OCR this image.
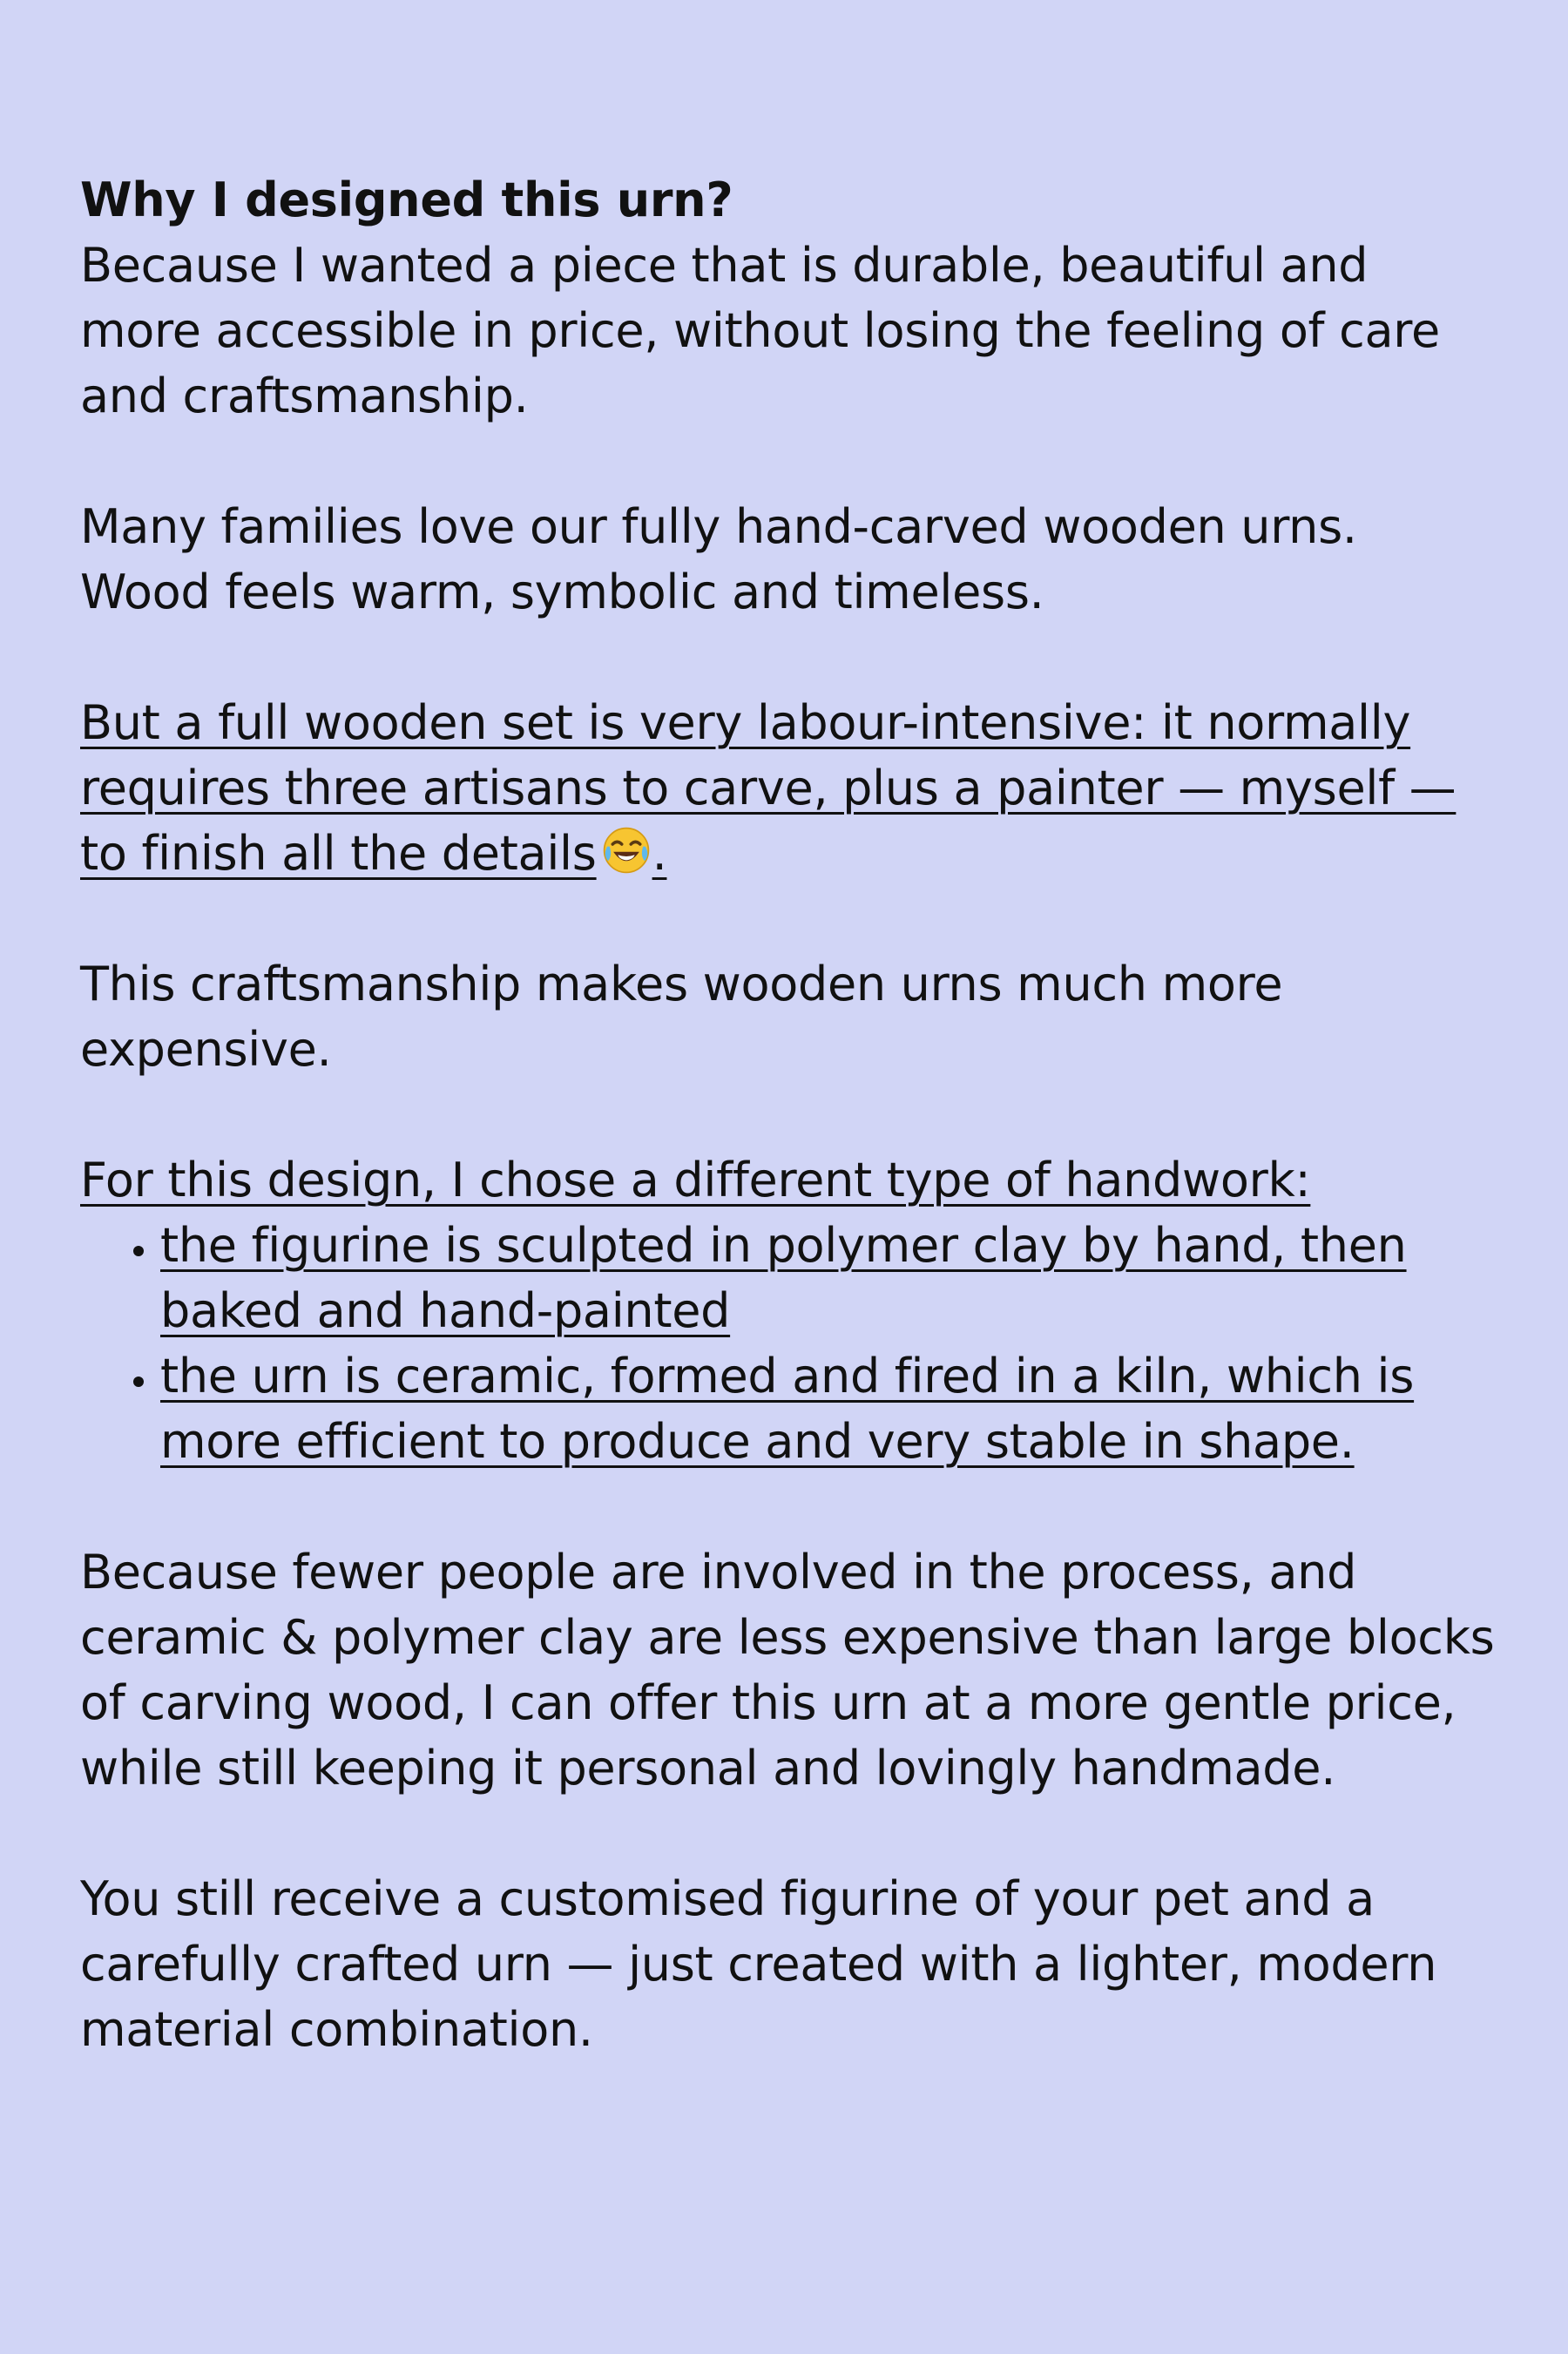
Why I designed this urn?

Because I wanted a piece that is durable, beautiful and more accessible in price, without losing the feeling of care and craftsmanship.

Many families love our fully hand-carved wooden urns. Wood feels warm, symbolic and timeless.

But a full wooden set is very labour-intensive: it normally requires three artisans to carve, plus a painter — myself — to finish all the details .

This craftsmanship makes wooden urns much more expensive.

For this design, I chose a different type of handwork:

• the figurine is sculpted in polymer clay by hand, then baked and hand-painted
• the urn is ceramic, formed and fired in a kiln, which is more efficient to produce and very stable in shape.

Because fewer people are involved in the process, and ceramic & polymer clay are less expensive than large blocks of carving wood, I can offer this urn at a more gentle price, while still keeping it personal and lovingly handmade.

You still receive a customised figurine of your pet and a carefully crafted urn — just created with a lighter, modern material combination.
